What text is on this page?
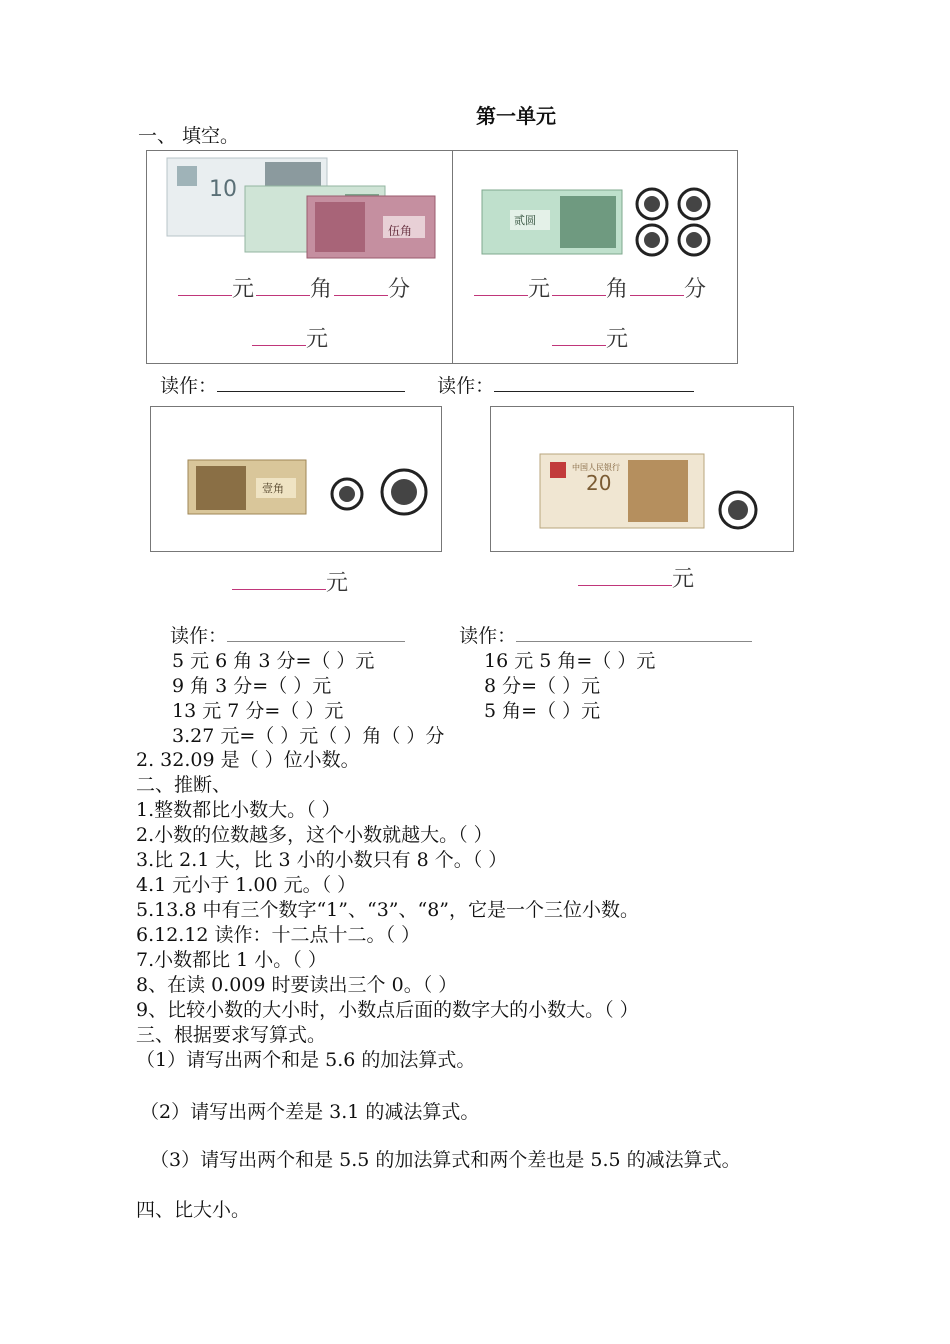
第一单元
一、 填空。
10
伍角
贰圆
元	角	分
元
元	角	分
元
读作：	读作：
壹角	20
中国人民银行
元	元
读作：	读作：
5 元 6 角 3 分=（ ）元	16 元 5 角=（ ）元
9 角 3 分=（ ）元	8 分=（ ）元
13 元 7 分=（ ）元	5 角=（ ）元
3.27 元=（ ）元（ ）角（ ）分
2. 32.09 是（ ）位小数。
二、推断、
1.整数都比小数大。（ ）
2.小数的位数越多，这个小数就越大。（ ）
3.比 2.1 大，比 3 小的小数只有 8 个。（ ）
4.1 元小于 1.00 元。（ ）
5.13.8 中有三个数字“1”、“3”、“8”，它是一个三位小数。
6.12.12 读作：十二点十二。（ ）
7.小数都比 1 小。（ ）
8、在读 0.009 时要读出三个 0。（ ）
9、比较小数的大小时，小数点后面的数字大的小数大。（ ）
三、根据要求写算式。
（1）请写出两个和是 5.6 的加法算式。
（2）请写出两个差是 3.1 的减法算式。
（3）请写出两个和是 5.5 的加法算式和两个差也是 5.5 的减法算式。
四、比大小。
